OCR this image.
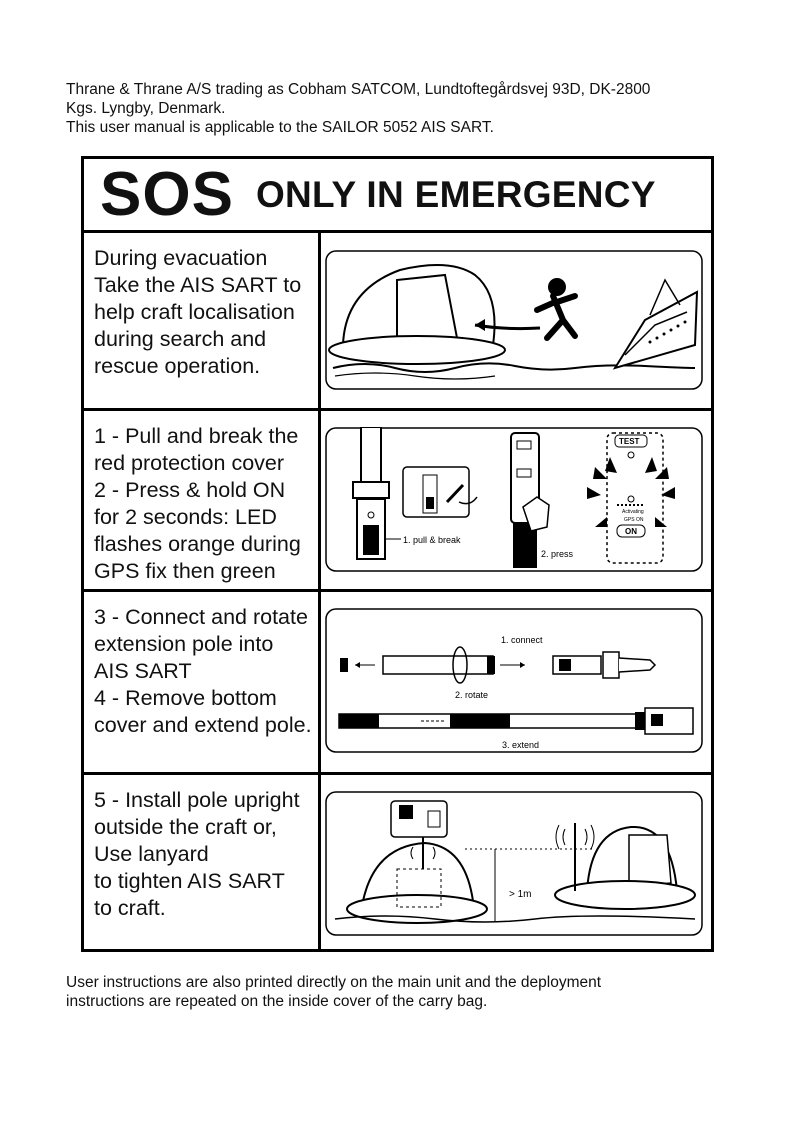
Thrane & Thrane A/S trading as Cobham SATCOM, Lundtoftegårdsvej 93D, DK-2800

Kgs. Lyngby, Denmark.

This user manual is applicable to the SAILOR 5052 AIS SART.

SOS ONLY IN EMERGENCY
During evacuation
Take the AIS SART to
help craft localisation
during search and
rescue operation.
1 - Pull and break the
red protection cover
2 - Press & hold ON
for 2 seconds: LED
flashes orange during
GPS fix then green
1. pull & break
2. press
TEST
Activating
GPS ON
ON
3 - Connect and rotate
extension pole into
AIS SART
4 - Remove bottom
cover and extend pole.
1. connect
2. rotate
3. extend
5 - Install pole upright
outside the craft or,
Use lanyard
to tighten AIS SART
to craft.
> 1m

User instructions are also printed directly on the main unit and the deployment

instructions are repeated on the inside cover of the carry bag.
